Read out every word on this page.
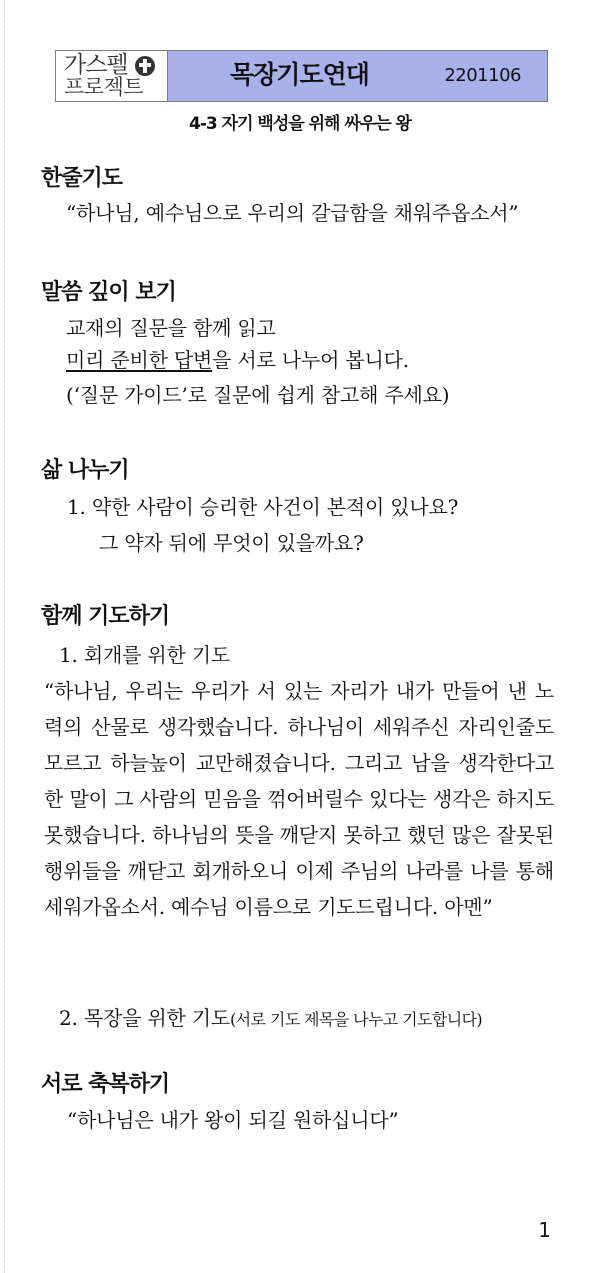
가스펠
프로젝트	목장기도연대	2201106
4-3 자기 백성을 위해 싸우는 왕
한줄기도
“하나님, 예수님으로 우리의 갈급함을 채워주옵소서”
말씀 깊이 보기
교재의 질문을 함께 읽고
미리 준비한 답변을 서로 나누어 봅니다.
(‘질문 가이드’로 질문에 쉽게 참고해 주세요)
삶 나누기
1. 약한 사람이 승리한 사건이 본적이 있나요?
그 약자 뒤에 무엇이 있을까요?
함께 기도하기
1. 회개를 위한 기도
“하나님, 우리는 우리가 서 있는 자리가 내가 만들어 낸 노력의 산물로 생각했습니다. 하나님이 세워주신 자리인줄도 모르고 하늘높이 교만해졌습니다. 그리고 남을 생각한다고 한 말이 그 사람의 믿음을 꺾어버릴수 있다는 생각은 하지도 못했습니다. 하나님의 뜻을 깨닫지 못하고 했던 많은 잘못된 행위들을 깨닫고 회개하오니 이제 주님의 나라를 나를 통해 세워가옵소서. 예수님 이름으로 기도드립니다. 아멘”
2. 목장을 위한 기도(서로 기도 제목을 나누고 기도합니다)
서로 축복하기
“하나님은 내가 왕이 되길 원하십니다”
1
